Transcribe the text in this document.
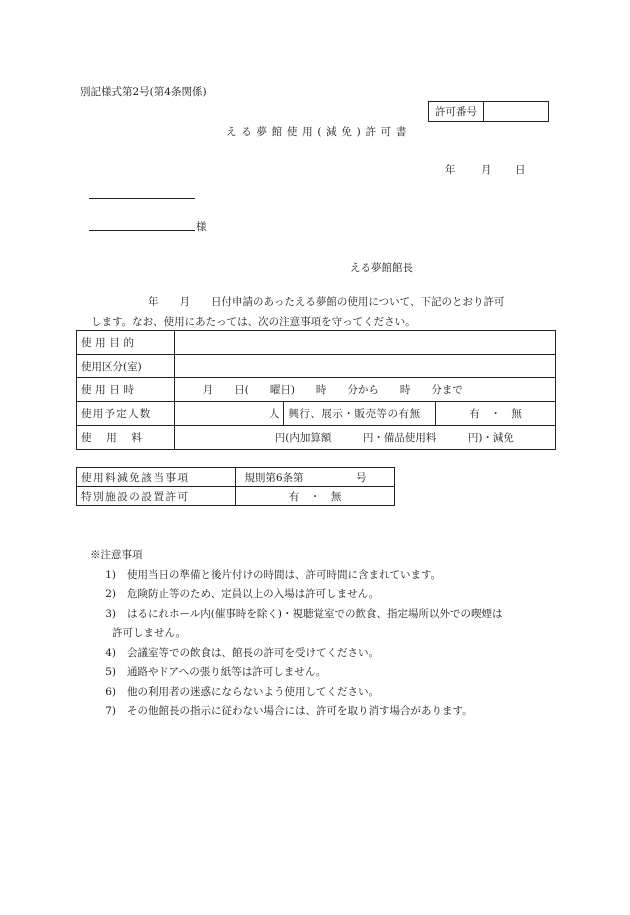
別記様式第2号(第4条関係)
許可番号	
える夢館使用(減免)許可書
年 月 日
様
える夢館館長
年　　月　　日付申請のあったえる夢館の使用について、下記のとおり許可
します。なお、使用にあたっては、次の注意事項を守ってください。
使用目的			
使用区分(室)			
使用日時	月　　日(　　曜日)　　時　　分から　　時　　分まで		
使用予定人数	人	興行、展示・販売等の有無	有　・　無
使用料	円(内加算額　　　円・備品使用料　　　円)・減免		
使用料減免該当事項	規則第6条第　　　　　号
特別施設の設置許可	有　・　無
※注意事項
1) 使用当日の準備と後片付けの時間は、許可時間に含まれています。
2) 危険防止等のため、定員以上の入場は許可しません。
3) はるにれホール内(催事時を除く)・視聴覚室での飲食、指定場所以外での喫煙は
許可しません。
4) 会議室等での飲食は、館長の許可を受けてください。
5) 通路やドアへの張り紙等は許可しません。
6) 他の利用者の迷惑にならないよう使用してください。
7) その他館長の指示に従わない場合には、許可を取り消す場合があります。
